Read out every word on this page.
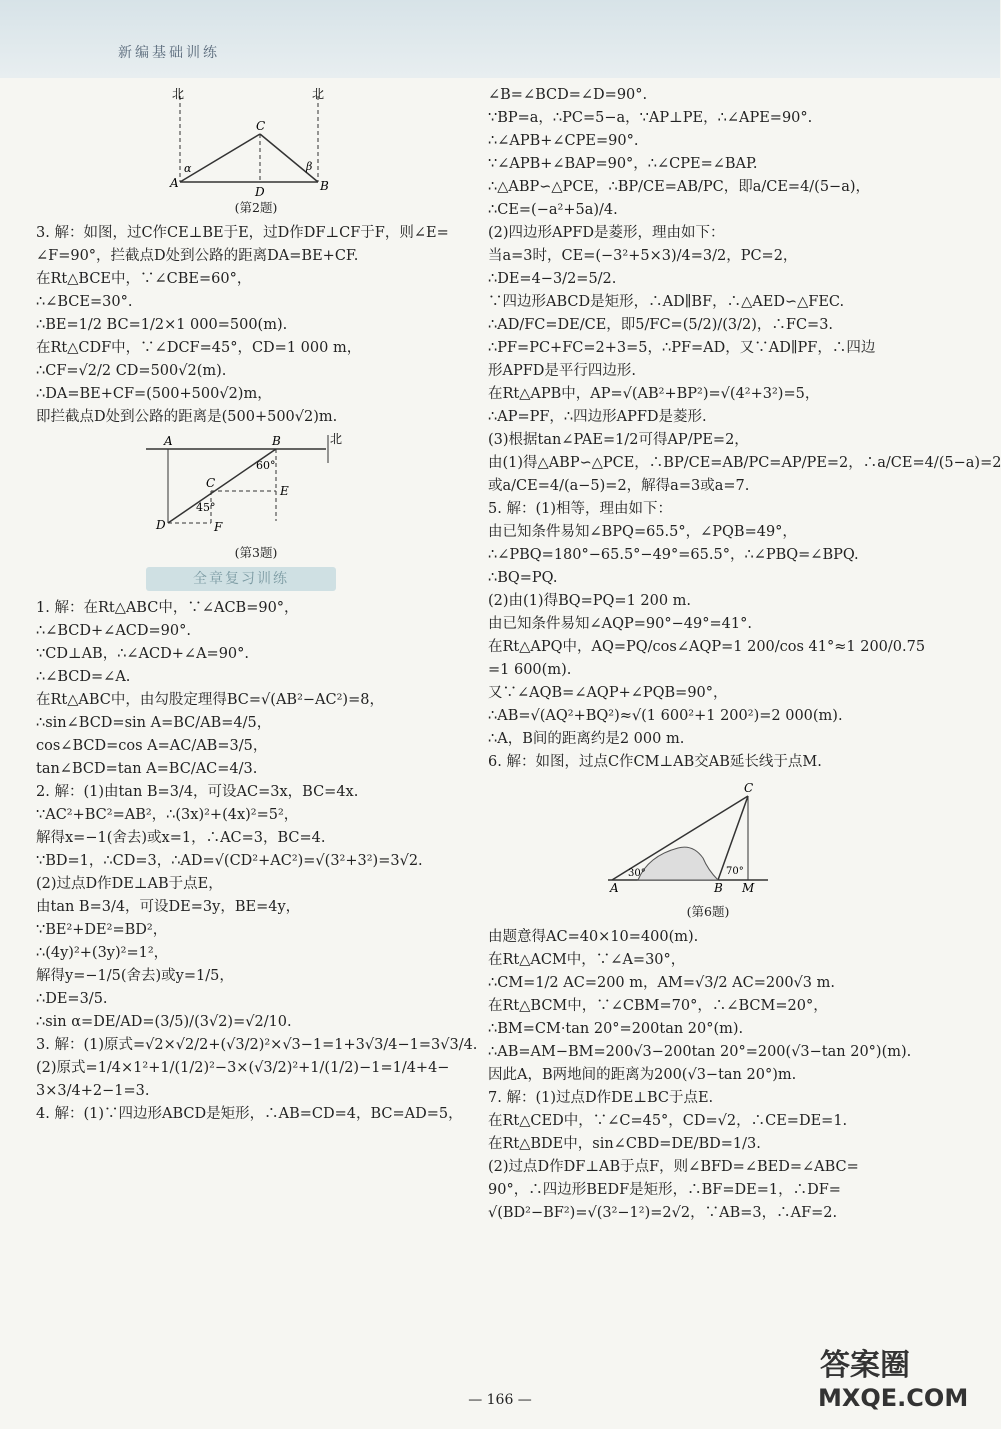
新编基础训练
北	北
C
A	B
D
α	β
(第2题)
3. 解：如图，过C作CE⊥BE于E，过D作DF⊥CF于F，则∠E=
∠F=90°，拦截点D处到公路的距离DA=BE+CF.
在Rt△BCE中，∵∠CBE=60°，
∴∠BCE=30°.
∴BE=1/2 BC=1/2×1 000=500(m).
在Rt△CDF中，∵∠DCF=45°，CD=1 000 m，
∴CF=√2/2 CD=500√2(m).
∴DA=BE+CF=(500+500√2)m，
即拦截点D处到公路的距离是(500+500√2)m.
A	B
C
D
E
F
60°
45°
北
(第3题)
全章复习训练
1. 解：在Rt△ABC中，∵∠ACB=90°，
∴∠BCD+∠ACD=90°.
∵CD⊥AB，∴∠ACD+∠A=90°.
∴∠BCD=∠A.
在Rt△ABC中，由勾股定理得BC=√(AB²−AC²)=8，
∴sin∠BCD=sin A=BC/AB=4/5，
cos∠BCD=cos A=AC/AB=3/5，
tan∠BCD=tan A=BC/AC=4/3.
2. 解：(1)由tan B=3/4，可设AC=3x，BC=4x.
∵AC²+BC²=AB²，∴(3x)²+(4x)²=5²，
解得x=−1(舍去)或x=1，∴AC=3，BC=4.
∵BD=1，∴CD=3，∴AD=√(CD²+AC²)=√(3²+3²)=3√2.
(2)过点D作DE⊥AB于点E，
由tan B=3/4，可设DE=3y，BE=4y，
∵BE²+DE²=BD²，
∴(4y)²+(3y)²=1²，
解得y=−1/5(舍去)或y=1/5，
∴DE=3/5.
∴sin α=DE/AD=(3/5)/(3√2)=√2/10.
3. 解：(1)原式=√2×√2/2+(√3/2)²×√3−1=1+3√3/4−1=3√3/4.
(2)原式=1/4×1²+1/(1/2)²−3×(√3/2)²+1/(1/2)−1=1/4+4−
3×3/4+2−1=3.
4. 解：(1)∵四边形ABCD是矩形，∴AB=CD=4，BC=AD=5，
∠B=∠BCD=∠D=90°.
∵BP=a，∴PC=5−a，∵AP⊥PE，∴∠APE=90°.
∴∠APB+∠CPE=90°.
∵∠APB+∠BAP=90°，∴∠CPE=∠BAP.
∴△ABP∽△PCE，∴BP/CE=AB/PC，即a/CE=4/(5−a)，
∴CE=(−a²+5a)/4.
(2)四边形APFD是菱形，理由如下：
当a=3时，CE=(−3²+5×3)/4=3/2，PC=2，
∴DE=4−3/2=5/2.
∵四边形ABCD是矩形，∴AD∥BF，∴△AED∽△FEC.
∴AD/FC=DE/CE，即5/FC=(5/2)/(3/2)，∴FC=3.
∴PF=PC+FC=2+3=5，∴PF=AD，又∵AD∥PF，∴四边
形APFD是平行四边形.
在Rt△APB中，AP=√(AB²+BP²)=√(4²+3²)=5，
∴AP=PF，∴四边形APFD是菱形.
(3)根据tan∠PAE=1/2可得AP/PE=2，
由(1)得△ABP∽△PCE，∴BP/CE=AB/PC=AP/PE=2，∴a/CE=4/(5−a)=2
或a/CE=4/(a−5)=2，解得a=3或a=7.
5. 解：(1)相等，理由如下：
由已知条件易知∠BPQ=65.5°，∠PQB=49°，
∴∠PBQ=180°−65.5°−49°=65.5°，∴∠PBQ=∠BPQ.
∴BQ=PQ.
(2)由(1)得BQ=PQ=1 200 m.
由已知条件易知∠AQP=90°−49°=41°.
在Rt△APQ中，AQ=PQ/cos∠AQP=1 200/cos 41°≈1 200/0.75
=1 600(m).
又∵∠AQB=∠AQP+∠PQB=90°，
∴AB=√(AQ²+BQ²)≈√(1 600²+1 200²)=2 000(m).
∴A，B间的距离约是2 000 m.
6. 解：如图，过点C作CM⊥AB交AB延长线于点M.
C
A	B M
30°	70°
(第6题)
由题意得AC=40×10=400(m).
在Rt△ACM中，∵∠A=30°，
∴CM=1/2 AC=200 m，AM=√3/2 AC=200√3 m.
在Rt△BCM中，∵∠CBM=70°，∴∠BCM=20°，
∴BM=CM·tan 20°=200tan 20°(m).
∴AB=AM−BM=200√3−200tan 20°=200(√3−tan 20°)(m).
因此A，B两地间的距离为200(√3−tan 20°)m.
7. 解：(1)过点D作DE⊥BC于点E.
在Rt△CED中，∵∠C=45°，CD=√2，∴CE=DE=1.
在Rt△BDE中，sin∠CBD=DE/BD=1/3.
(2)过点D作DF⊥AB于点F，则∠BFD=∠BED=∠ABC=
90°，∴四边形BEDF是矩形，∴BF=DE=1，∴DF=
√(BD²−BF²)=√(3²−1²)=2√2，∵AB=3，∴AF=2.
— 166 —
答案圈
MXQE.COM
